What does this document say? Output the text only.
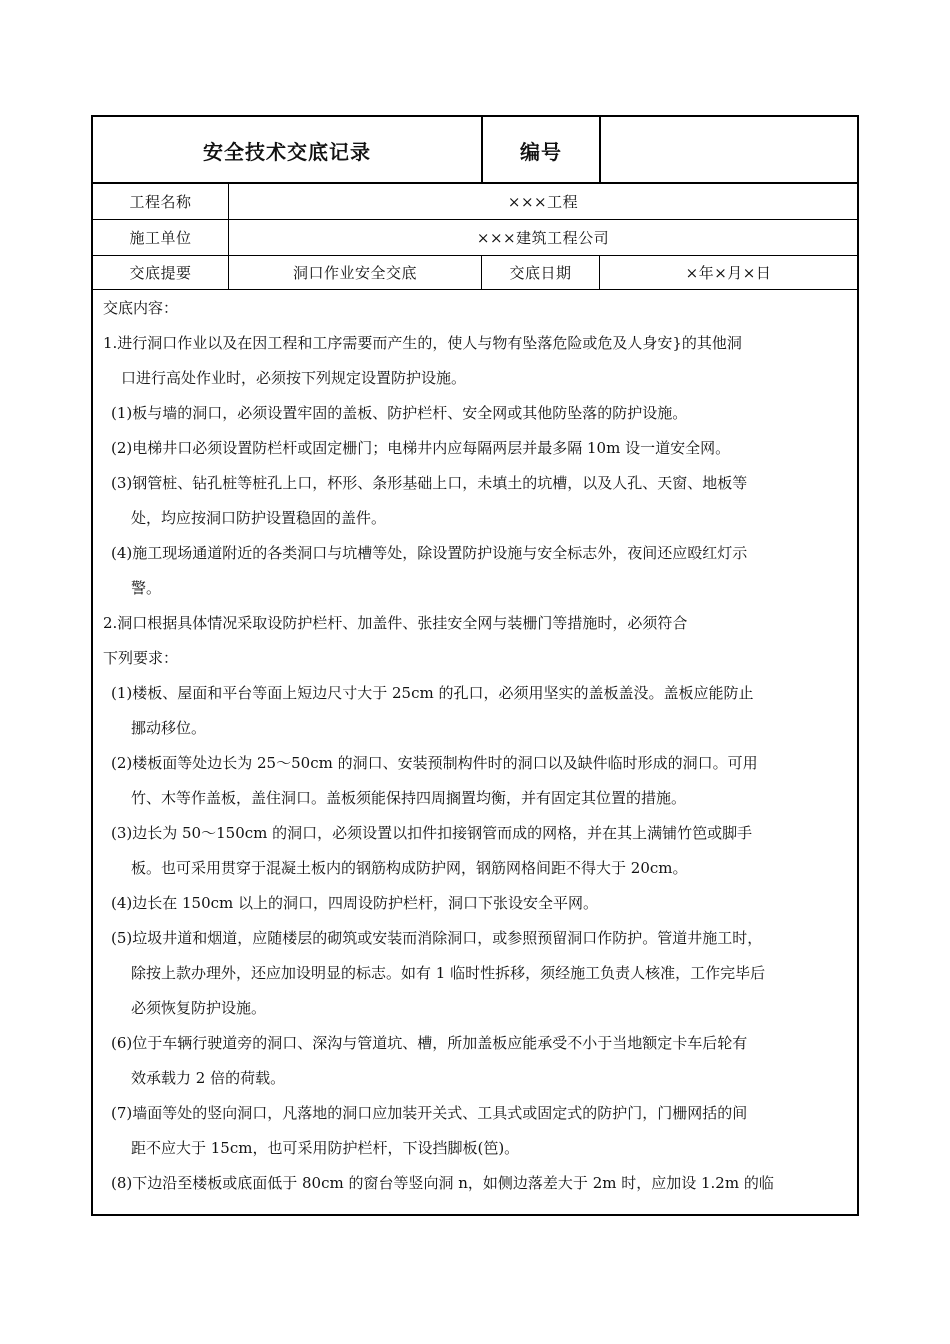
安全技术交底记录	编号
工程名称	×××工程
施工单位	×××建筑工程公司
交底提要	洞口作业安全交底	交底日期	×年×月×日

交底内容：

1.进行洞口作业以及在因工程和工序需要而产生的，使人与物有坠落危险或危及人身安}的其他洞

口进行高处作业时，必须按下列规定设置防护设施。

(1)板与墙的洞口，必须设置牢固的盖板、防护栏杆、安全网或其他防坠落的防护设施。

(2)电梯井口必须设置防栏杆或固定栅门；电梯井内应每隔两层并最多隔 10m 设一道安全网。

(3)钢管桩、钻孔桩等桩孔上口，杯形、条形基础上口，未填土的坑槽，以及人孔、天窗、地板等

处，均应按洞口防护设置稳固的盖件。

(4)施工现场通道附近的各类洞口与坑槽等处，除设置防护设施与安全标志外，夜间还应殴红灯示

警。

2.洞口根据具体情况采取设防护栏杆、加盖件、张挂安全网与装栅门等措施时，必须符合

下列要求：

(1)楼板、屋面和平台等面上短边尺寸大于 25cm 的孔口，必须用坚实的盖板盖没。盖板应能防止

挪动移位。

(2)楼板面等处边长为 25～50cm 的洞口、安装预制构件时的洞口以及缺件临时形成的洞口。可用

竹、木等作盖板，盖住洞口。盖板须能保持四周搁置均衡，并有固定其位置的措施。

(3)边长为 50～150cm 的洞口，必须设置以扣件扣接钢管而成的网格，并在其上满铺竹笆或脚手

板。也可采用贯穿于混凝土板内的钢筋构成防护网，钢筋网格间距不得大于 20cm。

(4)边长在 150cm 以上的洞口，四周设防护栏杆，洞口下张设安全平网。

(5)垃圾井道和烟道，应随楼层的砌筑或安装而消除洞口，或参照预留洞口作防护。管道井施工时，

除按上款办理外，还应加设明显的标志。如有 1 临时性拆移，须经施工负责人核准，工作完毕后

必须恢复防护设施。

(6)位于车辆行驶道旁的洞口、深沟与管道坑、槽，所加盖板应能承受不小于当地额定卡车后轮有

效承载力 2 倍的荷载。

(7)墙面等处的竖向洞口，凡落地的洞口应加装开关式、工具式或固定式的防护门，门栅网括的间

距不应大于 15cm，也可采用防护栏杆，下设挡脚板(笆)。

(8)下边沿至楼板或底面低于 80cm 的窗台等竖向洞 n，如侧边落差大于 2m 时，应加设 1.2m 的临
